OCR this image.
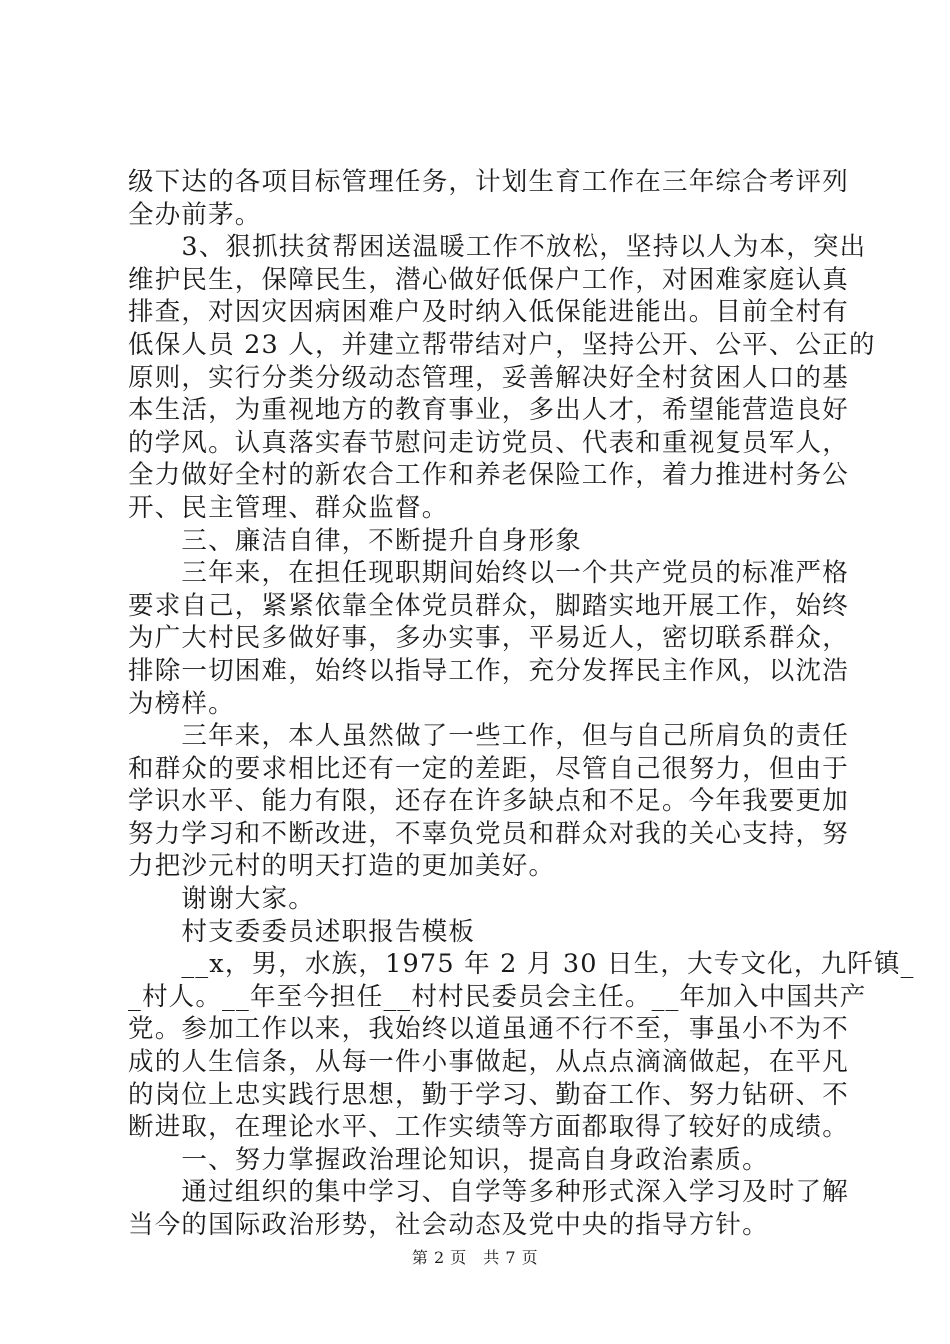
级下达的各项目标管理任务，计划生育工作在三年综合考评列
全办前茅。
　　3、狠抓扶贫帮困送温暖工作不放松，坚持以人为本，突出
维护民生，保障民生，潜心做好低保户工作，对困难家庭认真
排查，对因灾因病困难户及时纳入低保能进能出。目前全村有
低保人员 23 人，并建立帮带结对户，坚持公开、公平、公正的
原则，实行分类分级动态管理，妥善解决好全村贫困人口的基
本生活，为重视地方的教育事业，多出人才，希望能营造良好
的学风。认真落实春节慰问走访党员、代表和重视复员军人，
全力做好全村的新农合工作和养老保险工作，着力推进村务公
开、民主管理、群众监督。
　　三、廉洁自律，不断提升自身形象
　　三年来，在担任现职期间始终以一个共产党员的标准严格
要求自己，紧紧依靠全体党员群众，脚踏实地开展工作，始终
为广大村民多做好事，多办实事，平易近人，密切联系群众，
排除一切困难，始终以指导工作，充分发挥民主作风，以沈浩
为榜样。
　　三年来，本人虽然做了一些工作，但与自己所肩负的责任
和群众的要求相比还有一定的差距，尽管自己很努力，但由于
学识水平、能力有限，还存在许多缺点和不足。今年我要更加
努力学习和不断改进，不辜负党员和群众对我的关心支持，努
力把沙元村的明天打造的更加美好。
　　谢谢大家。
　　村支委委员述职报告模板
　　__x，男，水族，1975 年 2 月 30 日生，大专文化，九阡镇_
_村人。__年至今担任__村村民委员会主任。__年加入中国共产
党。参加工作以来，我始终以道虽通不行不至，事虽小不为不
成的人生信条，从每一件小事做起，从点点滴滴做起，在平凡
的岗位上忠实践行思想，勤于学习、勤奋工作、努力钻研、不
断进取，在理论水平、工作实绩等方面都取得了较好的成绩。
　　一、努力掌握政治理论知识，提高自身政治素质。
　　通过组织的集中学习、自学等多种形式深入学习及时了解
当今的国际政治形势，社会动态及党中央的指导方针。
第 2 页　共 7 页
